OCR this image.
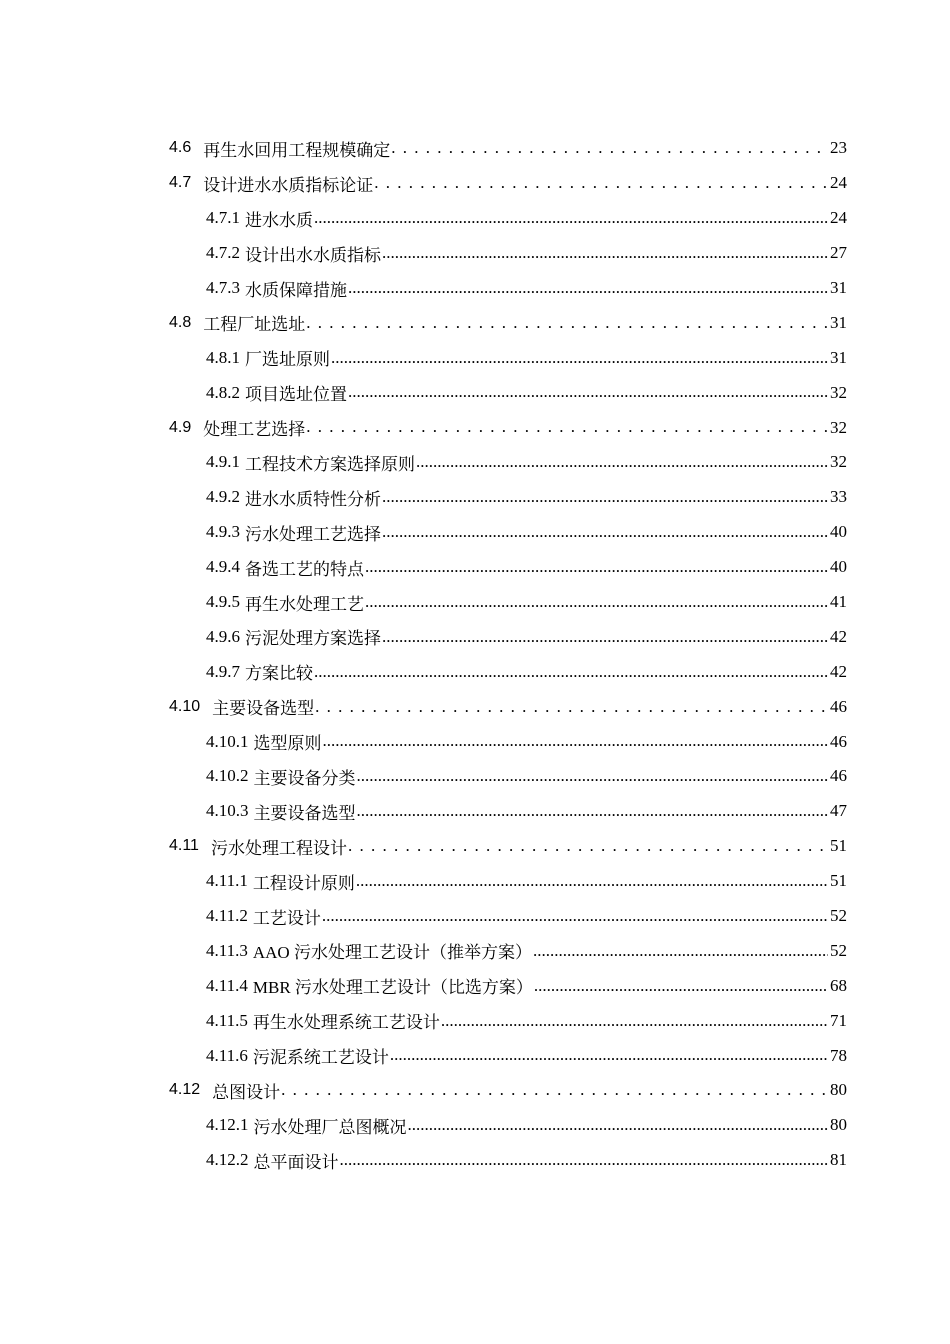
4.6 再生水回用工程规模确定 . . .	23
4.7 设计进水水质指标论证 . . .	24
4.7.1 进水水质 .....	24
4.7.2 设计出水水质指标 .....	27
4.7.3 水质保障措施 .....	31
4.8 工程厂址选址 . . .	31
4.8.1 厂选址原则 .....	31
4.8.2 项目选址位置 .....	32
4.9 处理工艺选择 . . .	32
4.9.1 工程技术方案选择原则 .....	32
4.9.2 进水水质特性分析 .....	33
4.9.3 污水处理工艺选择 .....	40
4.9.4 备选工艺的特点 .....	40
4.9.5 再生水处理工艺 .....	41
4.9.6 污泥处理方案选择 .....	42
4.9.7 方案比较 .....	42
4.10 主要设备选型 . . .	46
4.10.1 选型原则 .....	46
4.10.2 主要设备分类 .....	46
4.10.3 主要设备选型 .....	47
4.11 污水处理工程设计 . . .	51
4.11.1 工程设计原则 .....	51
4.11.2 工艺设计 .....	52
4.11.3 AAO 污水处理工艺设计（推举方案） .....	52
4.11.4 MBR 污水处理工艺设计（比选方案） .....	68
4.11.5 再生水处理系统工艺设计 .....	71
4.11.6 污泥系统工艺设计 .....	78
4.12 总图设计 . . .	80
4.12.1 污水处理厂总图概况 .....	80
4.12.2 总平面设计 .....	81
